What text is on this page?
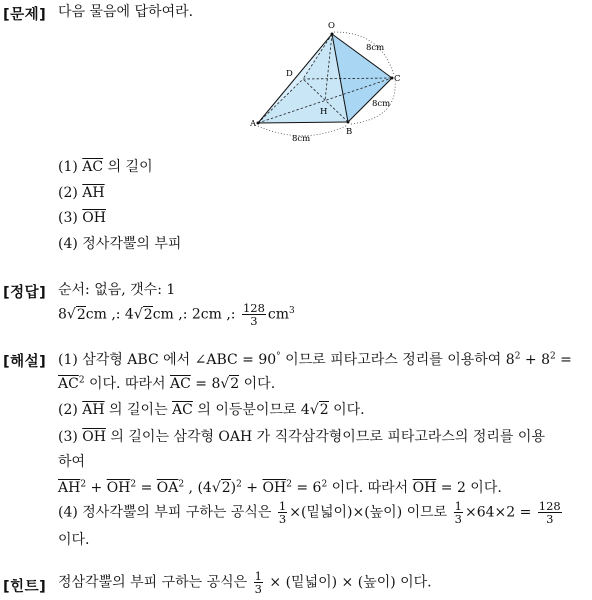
[문제] 다음 물음에 답하여라.
O
A
B
C
D
H
8cm
8cm
8cm
(1) $\overline{AC}$ 의 길이
(2) $\overline{AH}$
(3) $\overline{OH}$
(4) 정사각뿔의 부피
[정답] 순서: 없음, 갯수: 1
8√2cm ,: 4√2cm ,: 2cm ,: $\frac{128}{3} cm^3$
[해설] (1) 삼각형 ABC 에서 ∠ABC = 90° 이므로 피타고라스 정리를 이용하여 $8^2 + 8^2$ =
$\overline{AC}^2$ 이다. 따라서 $\overline{AC} = 8√2$ 이다.
(2) $\overline{AH}$ 의 길이는 $\overline{AC}$ 의 이등분이므로 4√2 이다.
(3) $\overline{OH}$ 의 길이는 삼각형 OAH 가 직각삼각형이므로 피타고라스의 정리를 이용
하여
$\overline{AH}^2 + \overline{OH}^2 = \overline{OA}^2$ , $(4√2)^2 + \overline{OH}^2 = 6^2$ 이다. 따라서 $\overline{OH} = 2$ 이다.
(4) 정사각뿔의 부피 구하는 공식은 $\frac{1}{3}$ ×(밑넓이)×(높이) 이므로 $\frac{1}{3} \times 64\times 2 = \frac{128}{3}$
이다.
[힌트] 정삼각뿔의 부피 구하는 공식은 $\frac{1}{3}$ × (밑넓이) × (높이) 이다.
